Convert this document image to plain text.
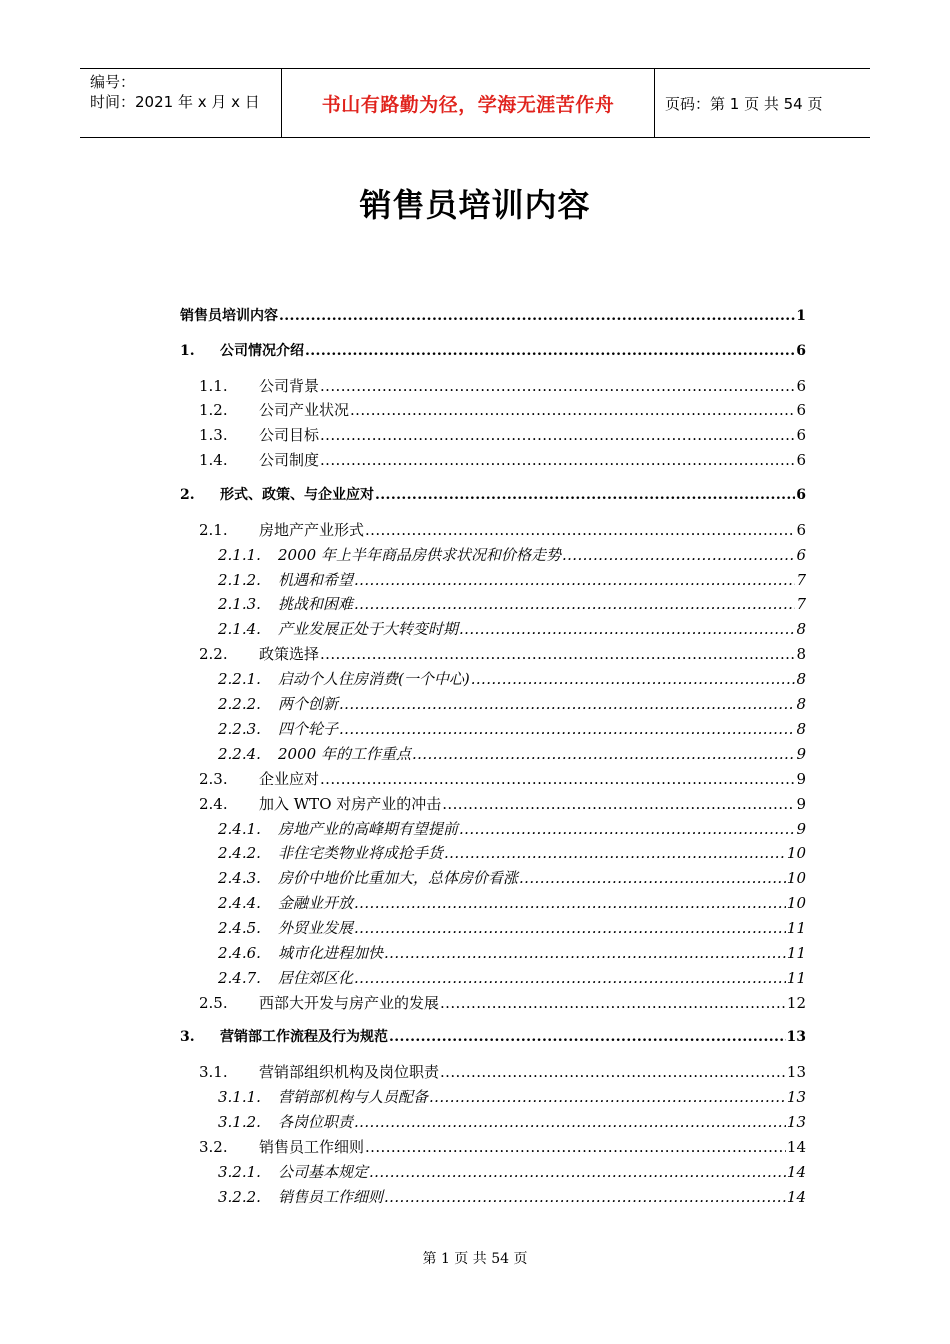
编号：
时间：2021 年 x 月 x 日	书山有路勤为径，学海无涯苦作舟	页码：第 1 页 共 54 页
销售员培训内容
销售员培训内容 .....	1
1.	公司情况介绍 .....	6
1.1.	公司背景 .....	6
1.2.	公司产业状况 .....	6
1.3.	公司目标 .....	6
1.4.	公司制度 .....	6
2.	形式、政策、与企业应对 .....	6
2.1.	房地产产业形式 .....	6
2.1.1.	2000 年上半年商品房供求状况和价格走势 .....	6
2.1.2.	机遇和希望 .....	7
2.1.3.	挑战和困难 .....	7
2.1.4.	产业发展正处于大转变时期 .....	8
2.2.	政策选择 .....	8
2.2.1.	启动个人住房消费(一个中心) .....	8
2.2.2.	两个创新 .....	8
2.2.3.	四个轮子 .....	8
2.2.4.	2000 年的工作重点 .....	9
2.3.	企业应对 .....	9
2.4.	加入 WTO 对房产业的冲击 .....	9
2.4.1.	房地产业的高峰期有望提前 .....	9
2.4.2.	非住宅类物业将成抢手货 .....	10
2.4.3.	房价中地价比重加大，总体房价看涨 .....	10
2.4.4.	金融业开放 .....	10
2.4.5.	外贸业发展 .....	11
2.4.6.	城市化进程加快 .....	11
2.4.7.	居住郊区化 .....	11
2.5.	西部大开发与房产业的发展 .....	12
3.	营销部工作流程及行为规范 .....	13
3.1.	营销部组织机构及岗位职责 .....	13
3.1.1.	营销部机构与人员配备 .....	13
3.1.2.	各岗位职责 .....	13
3.2.	销售员工作细则 .....	14
3.2.1.	公司基本规定 .....	14
3.2.2.	销售员工作细则 .....	14
第 1 页 共 54 页
